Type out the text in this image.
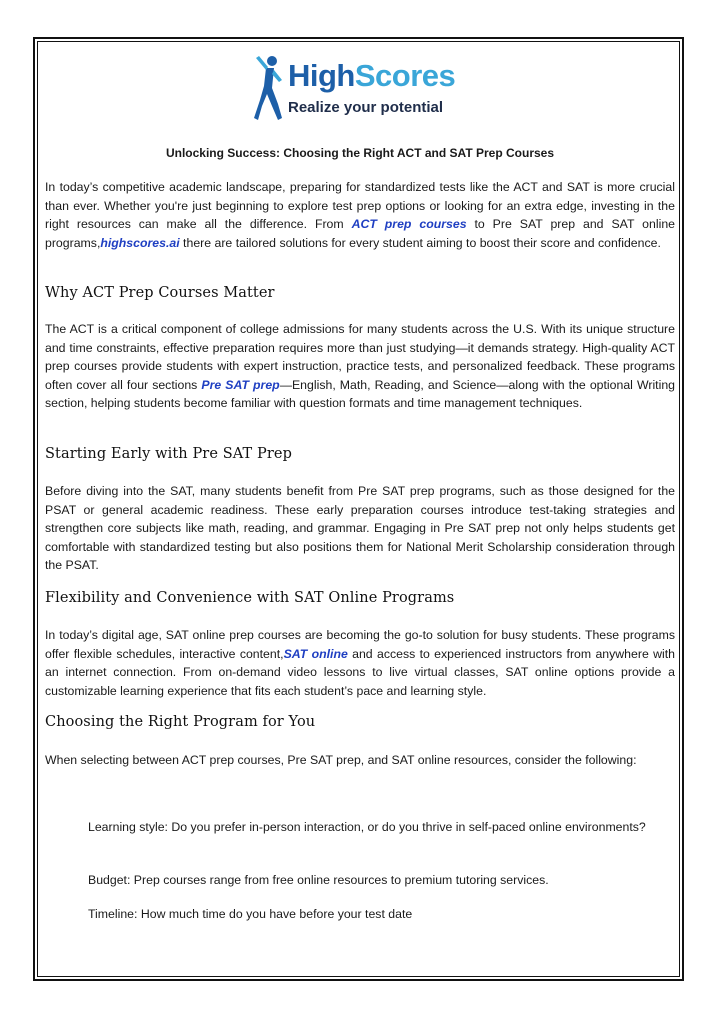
HighScores
Realize your potential
Unlocking Success: Choosing the Right ACT and SAT Prep Courses

In today’s competitive academic landscape, preparing for standardized tests like the ACT and SAT is more crucial than ever. Whether you're just beginning to explore test prep options or looking for an extra edge, investing in the right resources can make all the difference. From ACT prep courses to Pre SAT prep and SAT online programs,highscores.ai there are tailored solutions for every student aiming to boost their score and confidence.

Why ACT Prep Courses Matter

The ACT is a critical component of college admissions for many students across the U.S. With its unique structure and time constraints, effective preparation requires more than just studying—it demands strategy. High-quality ACT prep courses provide students with expert instruction, practice tests, and personalized feedback. These programs often cover all four sections Pre SAT prep—English, Math, Reading, and Science—along with the optional Writing section, helping students become familiar with question formats and time management techniques.

Starting Early with Pre SAT Prep

Before diving into the SAT, many students benefit from Pre SAT prep programs, such as those designed for the PSAT or general academic readiness. These early preparation courses introduce test-taking strategies and strengthen core subjects like math, reading, and grammar. Engaging in Pre SAT prep not only helps students get comfortable with standardized testing but also positions them for National Merit Scholarship consideration through the PSAT.

Flexibility and Convenience with SAT Online Programs

In today’s digital age, SAT online prep courses are becoming the go-to solution for busy students. These programs offer flexible schedules, interactive content,SAT online and access to experienced instructors from anywhere with an internet connection. From on-demand video lessons to live virtual classes, SAT online options provide a customizable learning experience that fits each student’s pace and learning style.

Choosing the Right Program for You

When selecting between ACT prep courses, Pre SAT prep, and SAT online resources, consider the following:

Learning style: Do you prefer in-person interaction, or do you thrive in self-paced online environments?

Budget: Prep courses range from free online resources to premium tutoring services.

Timeline: How much time do you have before your test date
